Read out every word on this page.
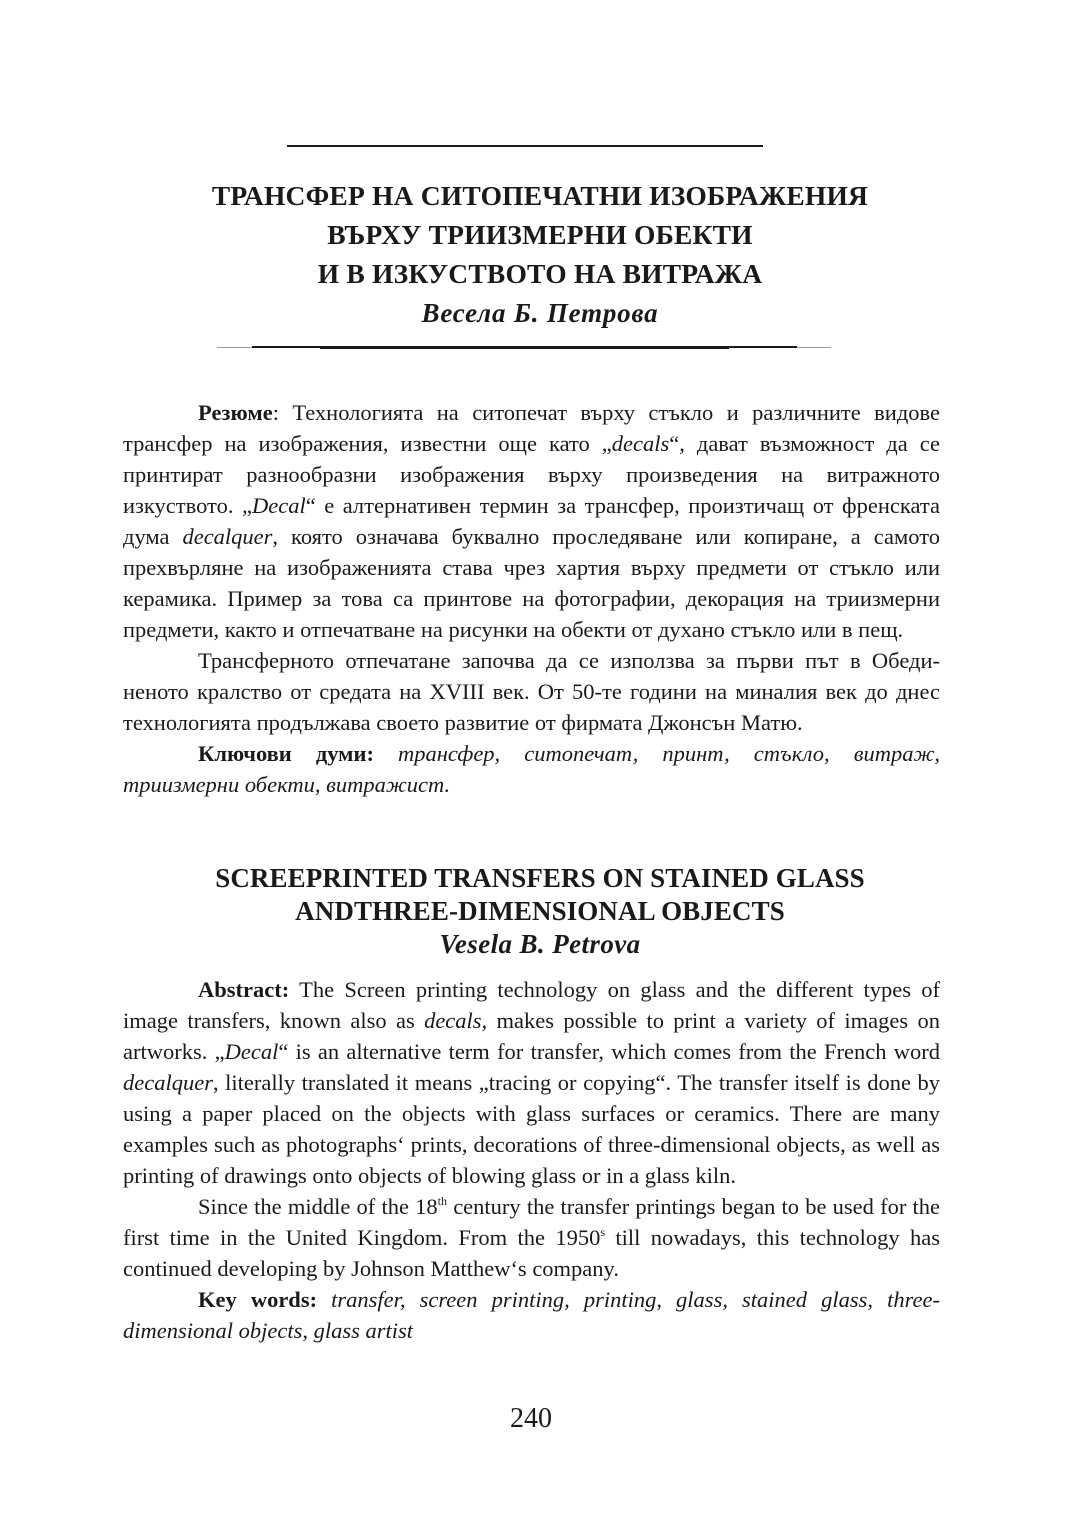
ТРАНСФЕР НА СИТОПЕЧАТНИ ИЗОБРАЖЕНИЯ

ВЪРХУ ТРИИЗМЕРНИ ОБЕКТИ

И В ИЗКУСТВОТО НА ВИТРАЖА

Весела Б. Петрова

Резюме: Технологията на ситопечат върху стъкло и различните видове трансфер на изображения, известни още като „decals“, дават възможност да се принтират разнообразни изображения върху произведения на витражното изкуството. „Decal“ е алтернативен термин за трансфер, произтичащ от френската дума decalquer, която означава буквално проследяване или копиране, а самото прехвърляне на изображенията става чрез хартия върху предмети от стъкло или керамика. Пример за това са принтове на фотографии, декорация на триизмерни предмети, както и отпечатване на рисунки на обекти от духано стъкло или в пещ.

Трансферното отпечатане започва да се използва за първи път в Обединеното кралство от средата на XVIII век. От 50-те години на миналия век до днес технологията продължава своето развитие от фирмата Джонсън Матю.

Ключови думи: трансфер, ситопечат, принт, стъкло, витраж, триизмерни обекти, витражист.

SCREEPRINTED TRANSFERS ON STAINED GLASS

ANDTHREE-DIMENSIONAL OBJECTS

Vesela B. Petrova

Abstract: The Screen printing technology on glass and the different types of image transfers, known also as decals, makes possible to print a variety of images on artworks. „Decal“ is an alternative term for transfer, which comes from the French word decalquer, literally translated it means „tracing or copying“. The transfer itself is done by using a paper placed on the objects with glass surfaces or ceramics. There are many examples such as photographs‘ prints, decorations of three-dimensional objects, as well as printing of drawings onto objects of blowing glass or in a glass kiln.

Since the middle of the 18th century the transfer printings began to be used for the first time in the United Kingdom. From the 1950$^s$ till nowadays, this technology has continued developing by Johnson Matthew‘s company.

Key words: transfer, screen printing, printing, glass, stained glass, three-dimensional objects, glass artist

240
